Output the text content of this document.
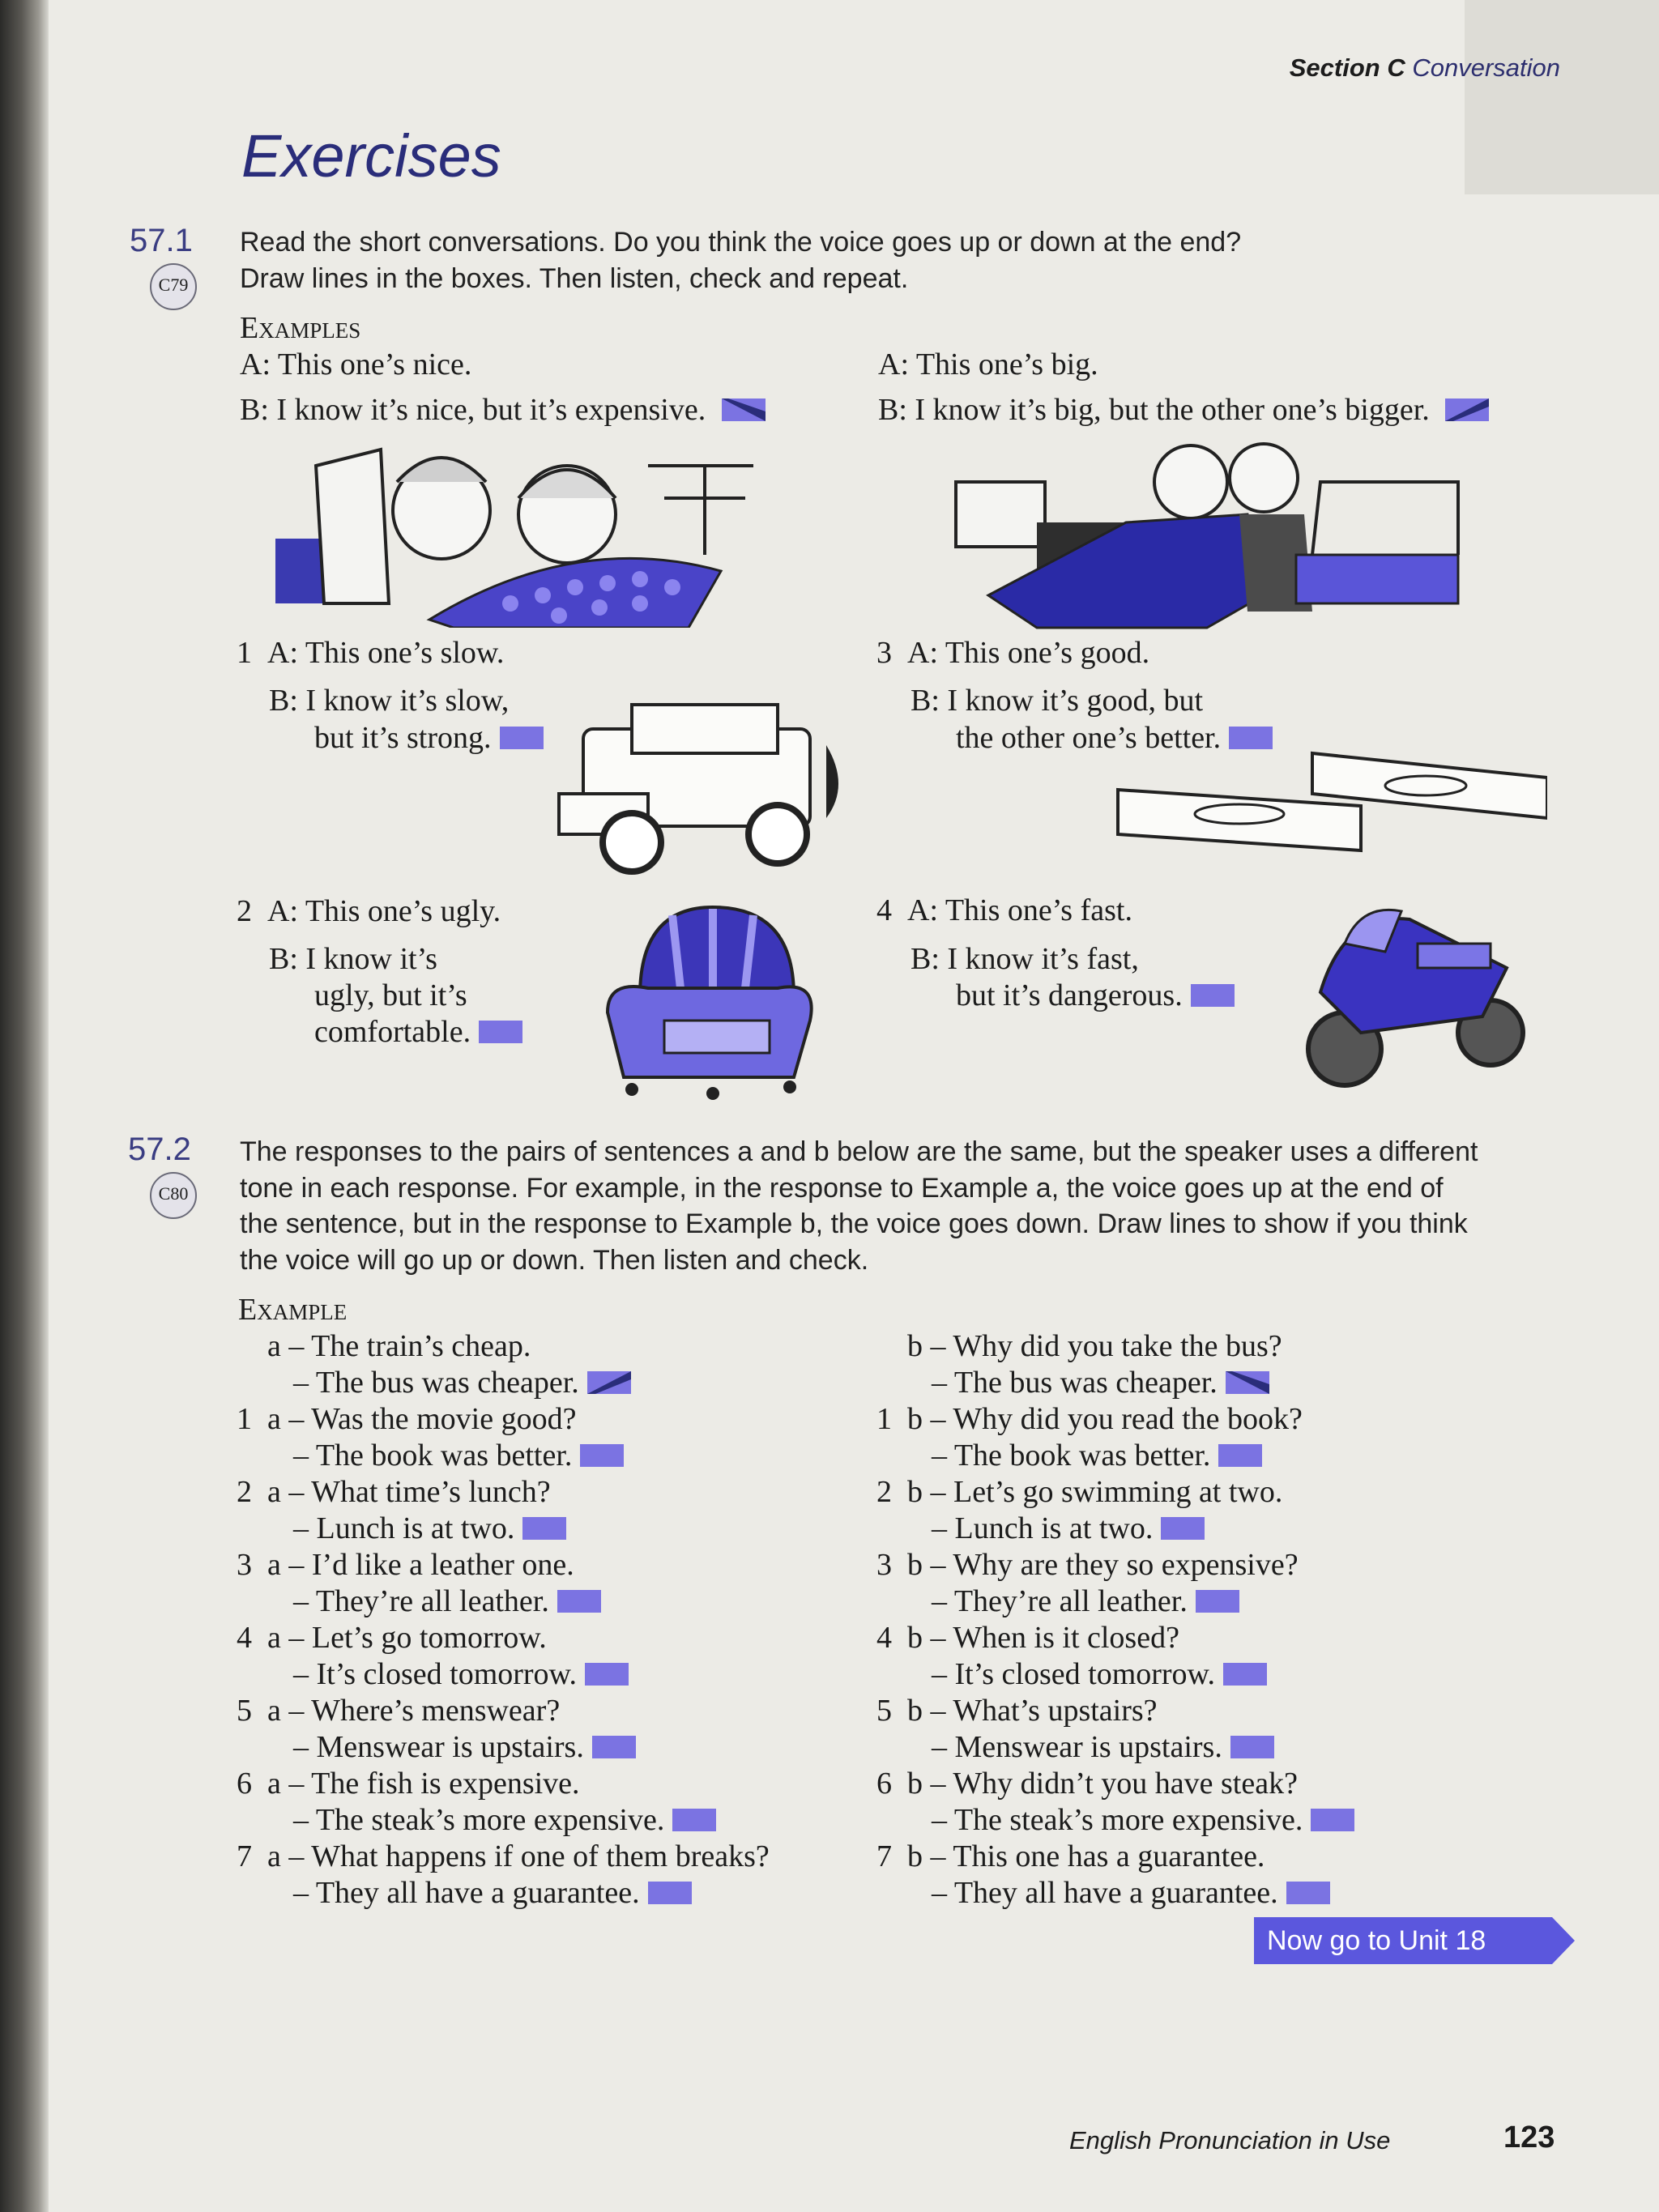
Section C Conversation
Exercises
57.1
C79
Read the short conversations. Do you think the voice goes up or down at the end?
Draw lines in the boxes. Then listen, check and repeat.
Examples
A: This one’s nice.
B: I know it’s nice, but it’s expensive.
A: This one’s big.
B: I know it’s big, but the other one’s bigger.
1 A: This one’s slow.
B: I know it’s slow,
but it’s strong.
3 A: This one’s good.
B: I know it’s good, but
the other one’s better.
2 A: This one’s ugly.
B: I know it’s
ugly, but it’s
comfortable.
4 A: This one’s fast.
B: I know it’s fast,
but it’s dangerous.
57.2
C80
The responses to the pairs of sentences a and b below are the same, but the speaker uses a different
tone in each response. For example, in the response to Example a, the voice goes up at the end of
the sentence, but in the response to Example b, the voice goes down. Draw lines to show if you think
the voice will go up or down. Then listen and check.
Example
a – The train’s cheap.
– The bus was cheaper.
b – Why did you take the bus?
– The bus was cheaper.
1 a – Was the movie good?
– The book was better.
1 b – Why did you read the book?
– The book was better.
2 a – What time’s lunch?
– Lunch is at two.
2 b – Let’s go swimming at two.
– Lunch is at two.
3 a – I’d like a leather one.
– They’re all leather.
3 b – Why are they so expensive?
– They’re all leather.
4 a – Let’s go tomorrow.
– It’s closed tomorrow.
4 b – When is it closed?
– It’s closed tomorrow.
5 a – Where’s menswear?
– Menswear is upstairs.
5 b – What’s upstairs?
– Menswear is upstairs.
6 a – The fish is expensive.
– The steak’s more expensive.
6 b – Why didn’t you have steak?
– The steak’s more expensive.
7 a – What happens if one of them breaks?
– They all have a guarantee.
7 b – This one has a guarantee.
– They all have a guarantee.
Now go to Unit 18
English Pronunciation in Use	123
